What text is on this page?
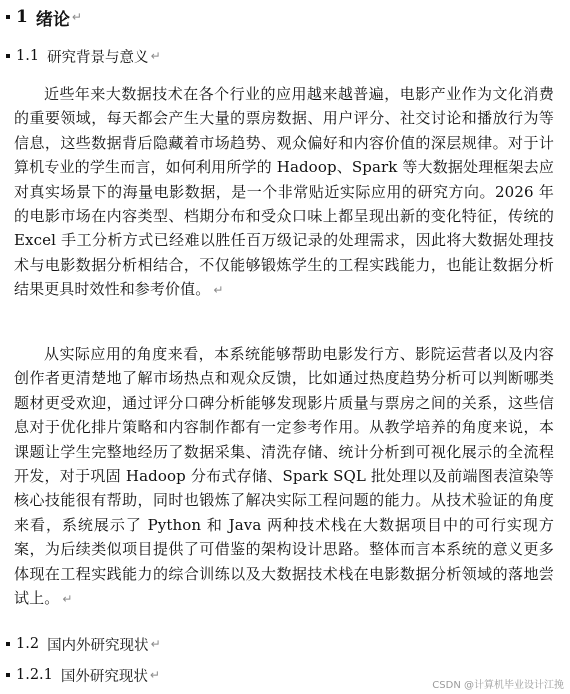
1 绪论 ↵
1.1 研究背景与意义 ↵

近些年来大数据技术在各个行业的应用越来越普遍，电影产业作为文化消费的重要领域，每天都会产生大量的票房数据、用户评分、社交讨论和播放行为等信息，这些数据背后隐藏着市场趋势、观众偏好和内容价值的深层规律。对于计算机专业的学生而言，如何利用所学的 Hadoop、Spark 等大数据处理框架去应对真实场景下的海量电影数据，是一个非常贴近实际应用的研究方向。2026 年的电影市场在内容类型、档期分布和受众口味上都呈现出新的变化特征，传统的 Excel 手工分析方式已经难以胜任百万级记录的处理需求，因此将大数据处理技术与电影数据分析相结合，不仅能够锻炼学生的工程实践能力，也能让数据分析结果更具时效性和参考价值。 ↵

从实际应用的角度来看，本系统能够帮助电影发行方、影院运营者以及内容创作者更清楚地了解市场热点和观众反馈，比如通过热度趋势分析可以判断哪类题材更受欢迎，通过评分口碑分析能够发现影片质量与票房之间的关系，这些信息对于优化排片策略和内容制作都有一定参考作用。从教学培养的角度来说，本课题让学生完整地经历了数据采集、清洗存储、统计分析到可视化展示的全流程开发，对于巩固 Hadoop 分布式存储、Spark SQL 批处理以及前端图表渲染等核心技能很有帮助，同时也锻炼了解决实际工程问题的能力。从技术验证的角度来看，系统展示了 Python 和 Java 两种技术栈在大数据项目中的可行实现方案，为后续类似项目提供了可借鉴的架构设计思路。整体而言本系统的意义更多体现在工程实践能力的综合训练以及大数据技术栈在电影数据分析领域的落地尝试上。 ↵

1.2 国内外研究现状 ↵
1.2.1 国外研究现状 ↵
CSDN @计算机毕业设计江挽
